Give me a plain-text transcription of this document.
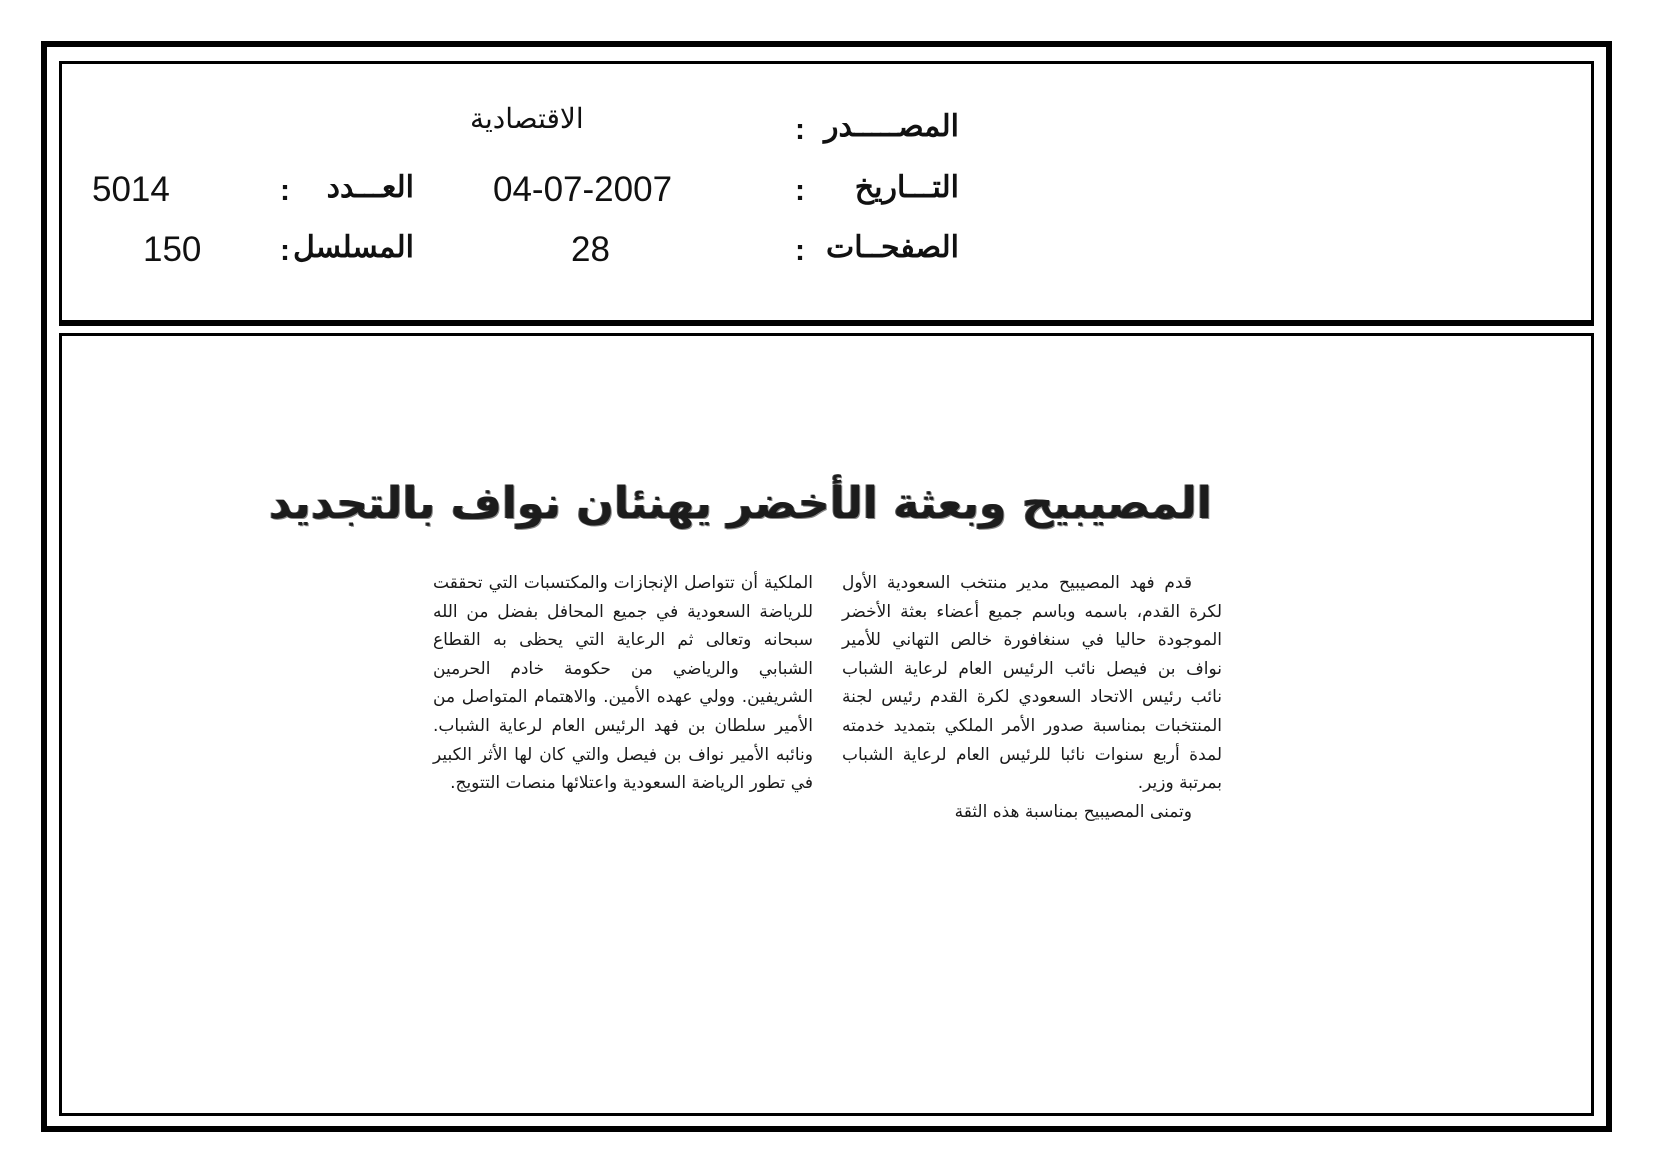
المصـــــدر
:
الاقتصادية
التـــاريخ
:
04-07-2007
العـــدد
:
5014
الصفحــات
:
28
المسلسل
:
150
المصيبيح وبعثة الأخضر يهنئان نواف بالتجديد

قدم فهد المصيبيح مدير منتخب السعودية الأول لكرة القدم، باسمه وباسم جميع أعضاء بعثة الأخضر الموجودة حاليا في سنغافورة خالص التهاني للأمير نواف بن فيصل نائب الرئيس العام لرعاية الشباب نائب رئيس الاتحاد السعودي لكرة القدم رئيس لجنة المنتخبات بمناسبة صدور الأمر الملكي بتمديد خدمته لمدة أربع سنوات نائبا للرئيس العام لرعاية الشباب بمرتبة وزير.

وتمنى المصيبيح بمناسبة هذه الثقة

الملكية أن تتواصل الإنجازات والمكتسبات التي تحققت للرياضة السعودية في جميع المحافل بفضل من الله سبحانه وتعالى ثم الرعاية التي يحظى به القطاع الشبابي والرياضي من حكومة خادم الحرمين الشريفين. وولي عهده الأمين. والاهتمام المتواصل من الأمير سلطان بن فهد الرئيس العام لرعاية الشباب. ونائبه الأمير نواف بن فيصل والتي كان لها الأثر الكبير في تطور الرياضة السعودية واعتلائها منصات التتويج.
